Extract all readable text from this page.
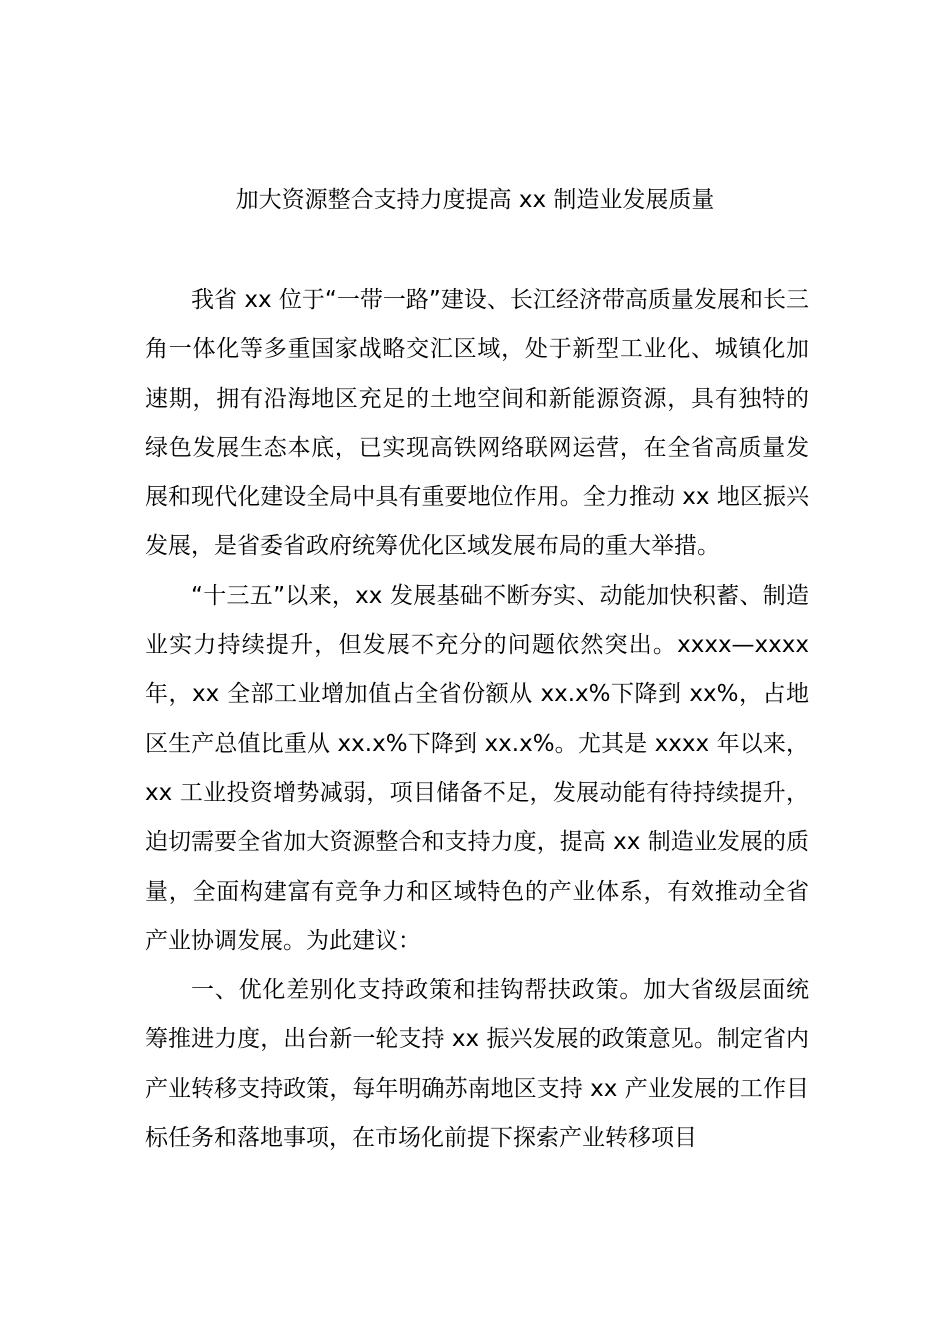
加大资源整合支持力度提高 xx 制造业发展质量

我省 xx 位于“一带一路”建设、长江经济带高质量发展和长三角一体化等多重国家战略交汇区域，处于新型工业化、城镇化加速期，拥有沿海地区充足的土地空间和新能源资源，具有独特的绿色发展生态本底，已实现高铁网络联网运营，在全省高质量发展和现代化建设全局中具有重要地位作用。全力推动 xx 地区振兴发展，是省委省政府统筹优化区域发展布局的重大举措。

“十三五”以来，xx 发展基础不断夯实、动能加快积蓄、制造业实力持续提升，但发展不充分的问题依然突出。xxxx—xxxx 年，xx 全部工业增加值占全省份额从 xx.x%下降到 xx%，占地区生产总值比重从 xx.x%下降到 xx.x%。尤其是 xxxx 年以来，xx 工业投资增势减弱，项目储备不足，发展动能有待持续提升，迫切需要全省加大资源整合和支持力度，提高 xx 制造业发展的质量，全面构建富有竞争力和区域特色的产业体系，有效推动全省产业协调发展。为此建议：

一、优化差别化支持政策和挂钩帮扶政策。加大省级层面统筹推进力度，出台新一轮支持 xx 振兴发展的政策意见。制定省内产业转移支持政策，每年明确苏南地区支持 xx 产业发展的工作目标任务和落地事项，在市场化前提下探索产业转移项目
